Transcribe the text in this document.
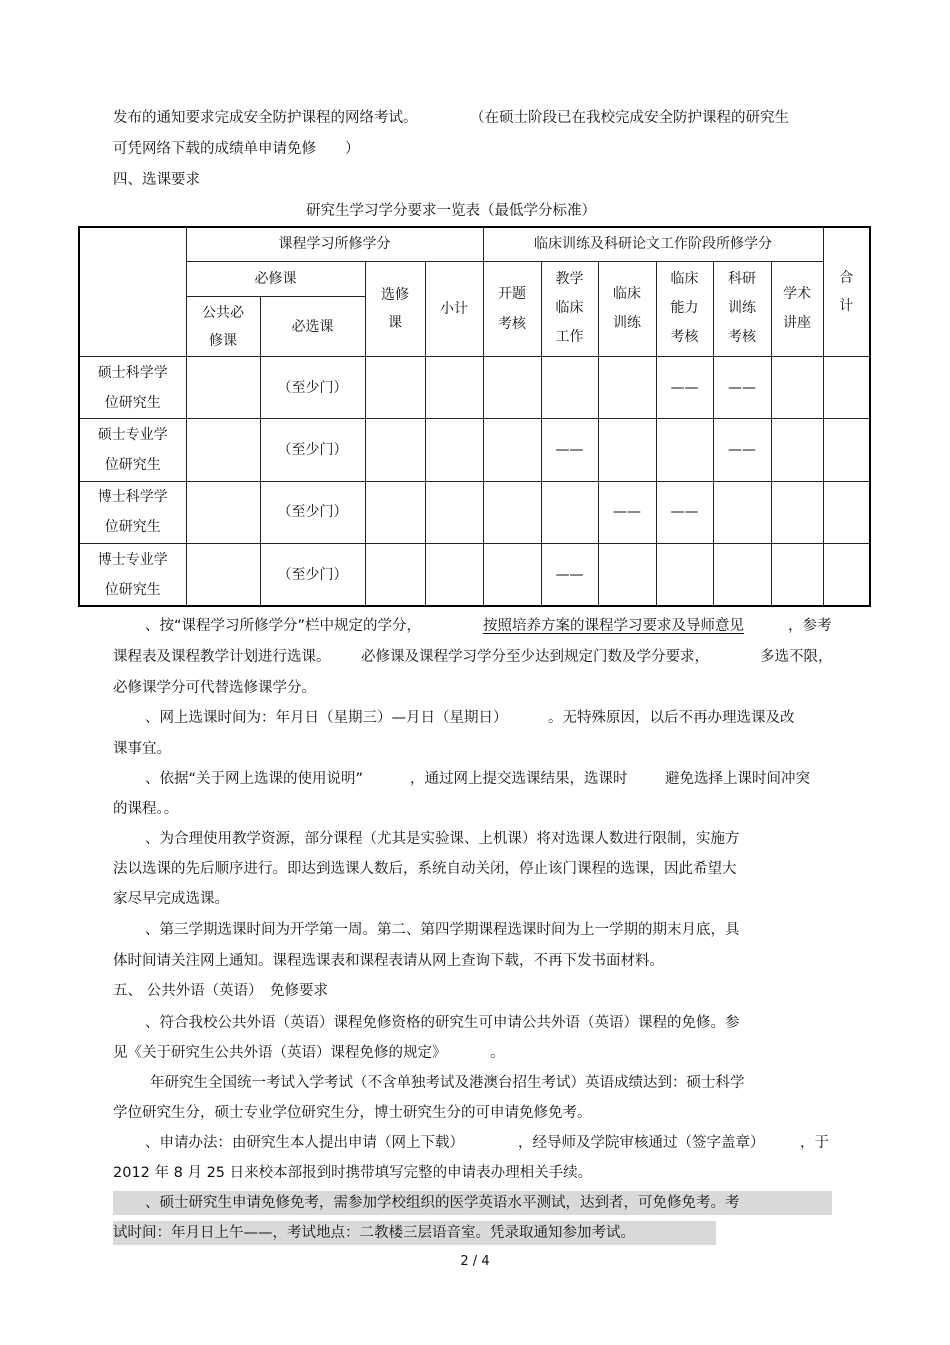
发布的通知要求完成安全防护课程的网络考试。	（在硕士阶段已在我校完成安全防护课程的研究生
可凭网络下载的成绩单申请免修　　）
四、选课要求
研究生学习学分要求一览表（最低学分标准）
	课程学习所修学分				临床训练及科研论文工作阶段所修学分						合计
	必修课		选修课	小计	开题考核	教学临床工作	临床训练	临床能力考核	科研训练考核	学术讲座	
	公共必修课	必选课									
硕士科学学位研究生		（至少门）						——	——		
硕士专业学位研究生		（至少门）				——			——		
博士科学学位研究生		（至少门）					——	——			
博士专业学位研究生		（至少门）				——					
、按“课程学习所修学分”栏中规定的学分，	按照培养方案的课程学习要求及导师意见	，参考
课程表及课程教学计划进行选课。 必修课及课程学习学分至少达到规定门数及学分要求，	多选不限，
必修课学分可代替选修课学分。
、网上选课时间为：年月日（星期三）—月日（星期日）	。无特殊原因，以后不再办理选课及改
课事宜。
、依据“关于网上选课的使用说明”	，通过网上提交选课结果，选课时	避免选择上课时间冲突
的课程。。
、为合理使用教学资源，部分课程（尤其是实验课、上机课）将对选课人数进行限制，实施方
法以选课的先后顺序进行。即达到选课人数后，系统自动关闭，停止该门课程的选课，因此希望大
家尽早完成选课。
、第三学期选课时间为开学第一周。第二、第四学期课程选课时间为上一学期的期末月底，具
体时间请关注网上通知。课程选课表和课程表请从网上查询下载，不再下发书面材料。
五、 公共外语（英语） 免修要求
、符合我校公共外语（英语）课程免修资格的研究生可申请公共外语（英语）课程的免修。参
见《关于研究生公共外语（英语）课程免修的规定》	。
年研究生全国统一考试入学考试（不含单独考试及港澳台招生考试）英语成绩达到：硕士科学
学位研究生分，硕士专业学位研究生分，博士研究生分的可申请免修免考。
、申请办法：由研究生本人提出申请（网上下载）	，经导师及学院审核通过（签字盖章） ，于
2012 年 8 月 25 日来校本部报到时携带填写完整的申请表办理相关手续。
、硕士研究生申请免修免考，需参加学校组织的医学英语水平测试，达到者，可免修免考。考
试时间：年月日上午——，考试地点：二教楼三层语音室。凭录取通知参加考试。
2 / 4
